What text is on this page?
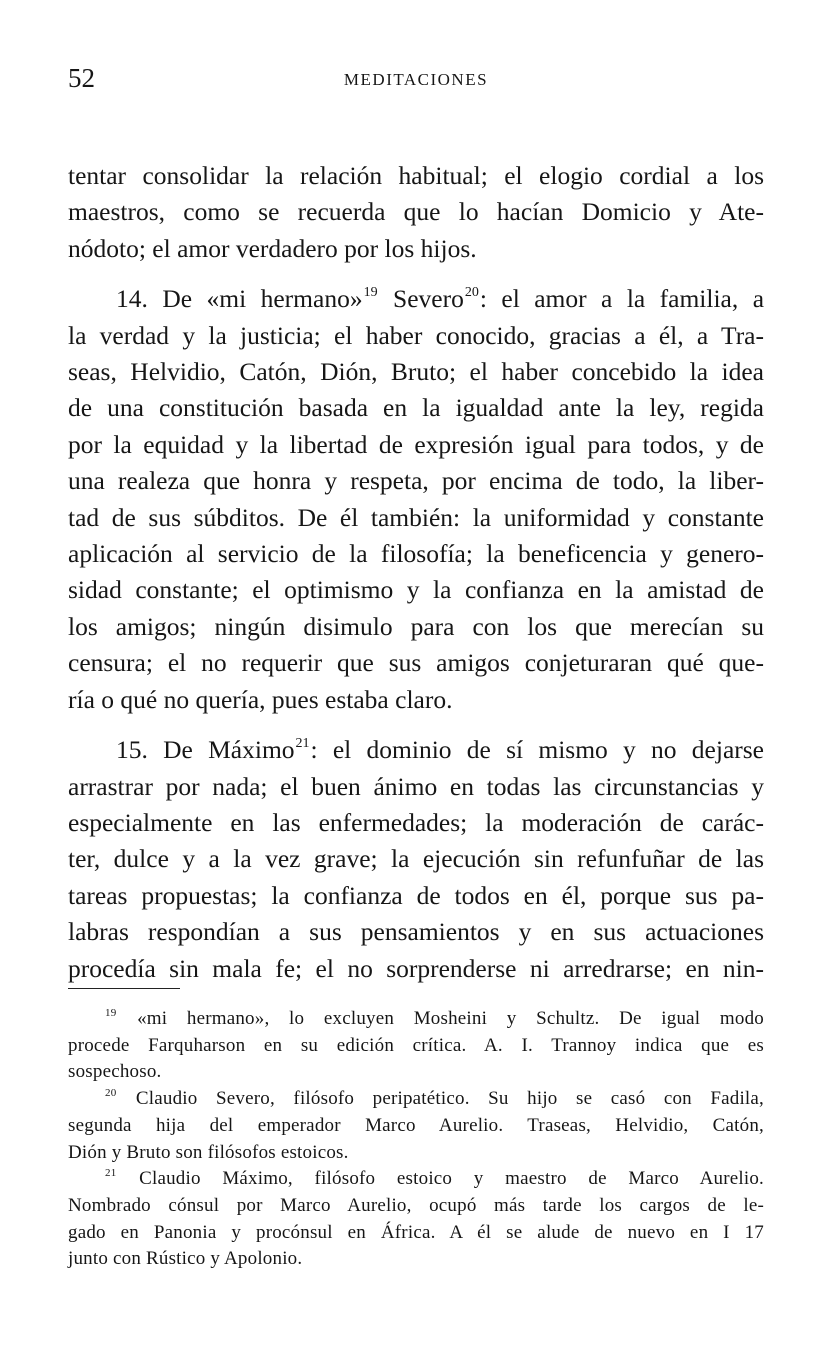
52	MEDITACIONES
tentar consolidar la relación habitual; el elogio cordial a los
maestros, como se recuerda que lo hacían Domicio y Ate-
nódoto; el amor verdadero por los hijos.
14. De «mi hermano»$^{19}$ Severo$^{20}$: el amor a la familia, a
la verdad y la justicia; el haber conocido, gracias a él, a Tra-
seas, Helvidio, Catón, Dión, Bruto; el haber concebido la idea
de una constitución basada en la igualdad ante la ley, regida
por la equidad y la libertad de expresión igual para todos, y de
una realeza que honra y respeta, por encima de todo, la liber-
tad de sus súbditos. De él también: la uniformidad y constante
aplicación al servicio de la filosofía; la beneficencia y genero-
sidad constante; el optimismo y la confianza en la amistad de
los amigos; ningún disimulo para con los que merecían su
censura; el no requerir que sus amigos conjeturaran qué que-
ría o qué no quería, pues estaba claro.
15. De Máximo$^{21}$: el dominio de sí mismo y no dejarse
arrastrar por nada; el buen ánimo en todas las circunstancias y
especialmente en las enfermedades; la moderación de carác-
ter, dulce y a la vez grave; la ejecución sin refunfuñar de las
tareas propuestas; la confianza de todos en él, porque sus pa-
labras respondían a sus pensamientos y en sus actuaciones
procedía sin mala fe; el no sorprenderse ni arredrarse; en nin-
$^{19}$ «mi hermano», lo excluyen Mosheini y Schultz. De igual modo
procede Farquharson en su edición crítica. A. I. Trannoy indica que es
sospechoso.
$^{20}$ Claudio Severo, filósofo peripatético. Su hijo se casó con Fadila,
segunda hija del emperador Marco Aurelio. Traseas, Helvidio, Catón,
Dión y Bruto son filósofos estoicos.
$^{21}$ Claudio Máximo, filósofo estoico y maestro de Marco Aurelio.
Nombrado cónsul por Marco Aurelio, ocupó más tarde los cargos de le-
gado en Panonia y procónsul en África. A él se alude de nuevo en I 17
junto con Rústico y Apolonio.
